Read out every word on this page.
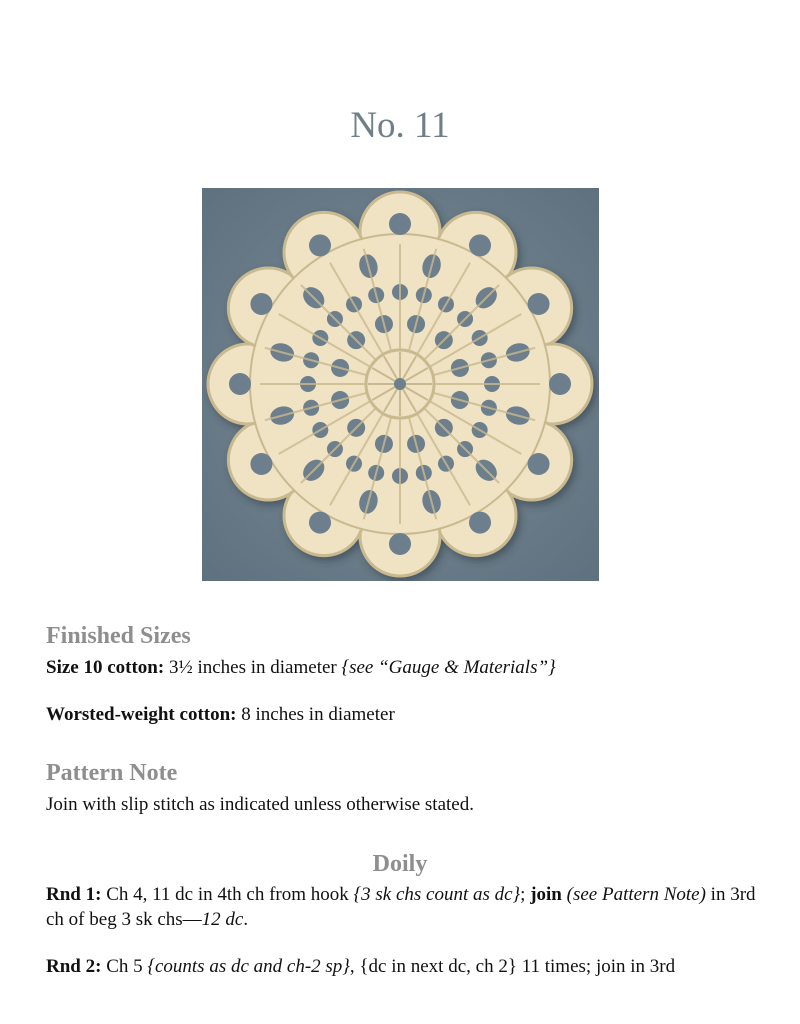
No. 11
Finished Sizes
Size 10 cotton: 3½ inches in diameter {see “Gauge & Materials”}
Worsted-weight cotton: 8 inches in diameter
Pattern Note
Join with slip stitch as indicated unless otherwise stated.
Doily
Rnd 1: Ch 4, 11 dc in 4th ch from hook {3 sk chs count as dc}; join (see Pattern Note) in 3rd ch of beg 3 sk chs—12 dc.
Rnd 2: Ch 5 {counts as dc and ch-2 sp}, {dc in next dc, ch 2} 11 times; join in 3rd
